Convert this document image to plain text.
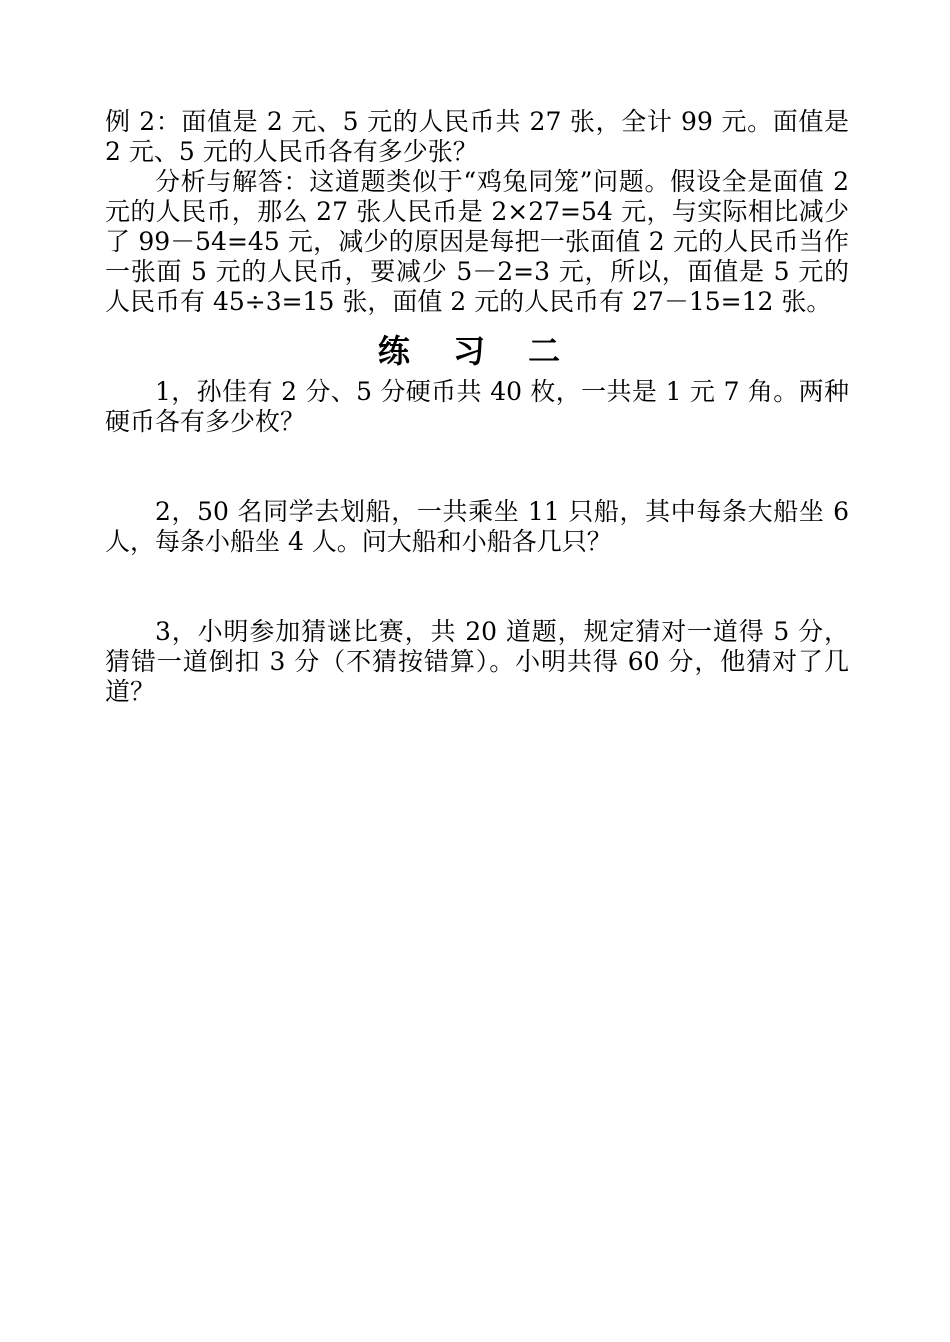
例 2：面值是 2 元、5 元的人民币共 27 张，全计 99 元。面值是 2 元、5 元的人民币各有多少张？

分析与解答：这道题类似于“鸡兔同笼”问题。假设全是面值 2 元的人民币，那么 27 张人民币是 2×27=54 元，与实际相比减少了 99－54=45 元，减少的原因是每把一张面值 2 元的人民币当作一张面 5 元的人民币，要减少 5－2=3 元，所以，面值是 5 元的人民币有 45÷3=15 张，面值 2 元的人民币有 27－15=12 张。

练 习 二

1，孙佳有 2 分、5 分硬币共 40 枚，一共是 1 元 7 角。两种硬币各有多少枚？

2，50 名同学去划船，一共乘坐 11 只船，其中每条大船坐 6 人，每条小船坐 4 人。问大船和小船各几只？

3，小明参加猜谜比赛，共 20 道题，规定猜对一道得 5 分，猜错一道倒扣 3 分（不猜按错算）。小明共得 60 分，他猜对了几道？
